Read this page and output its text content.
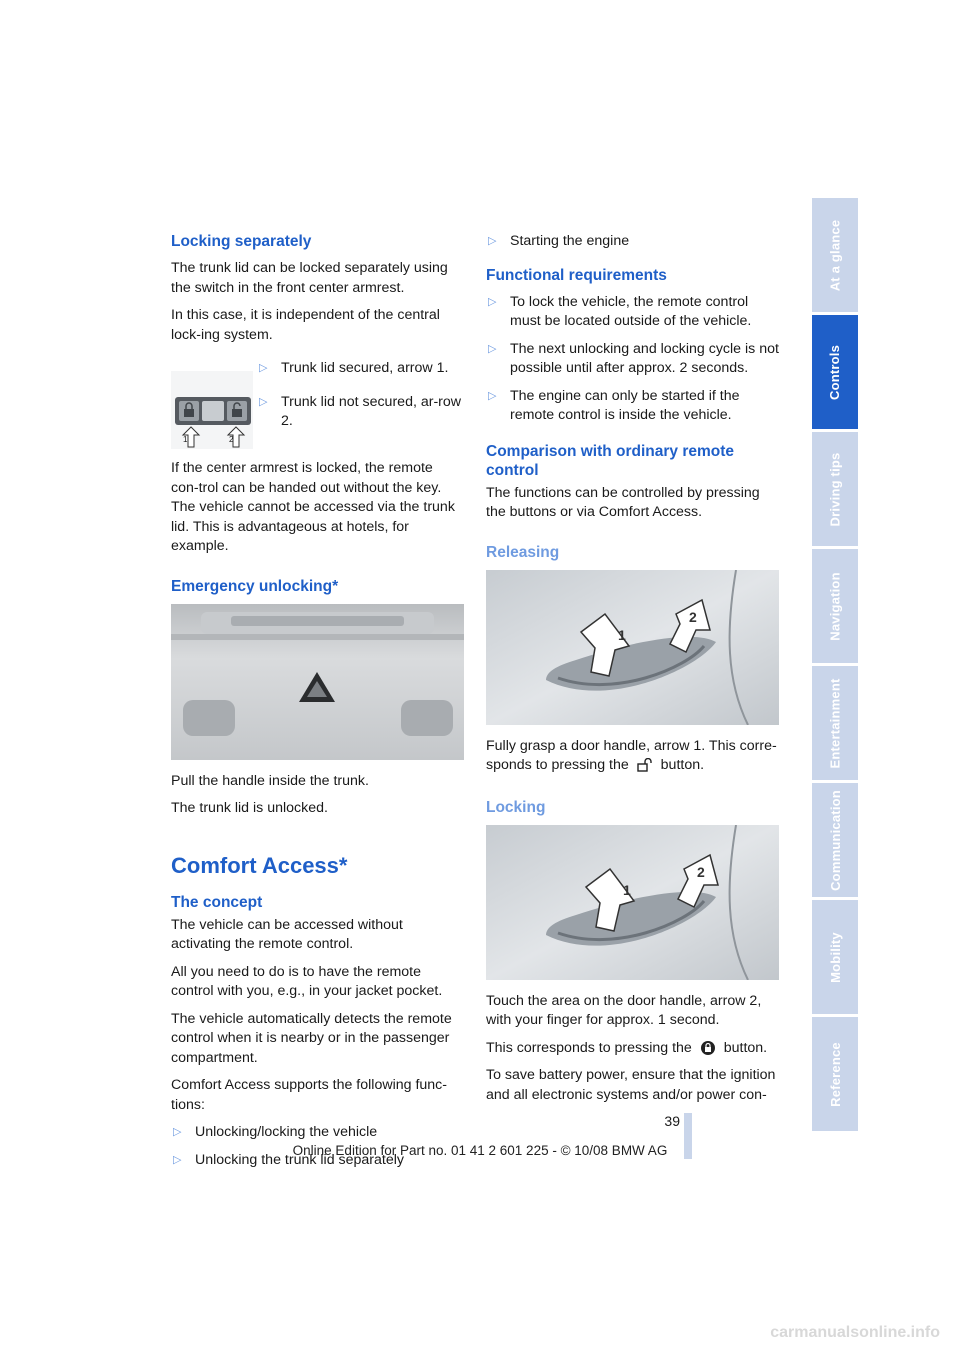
Locking separately

The trunk lid can be locked separately using the switch in the front center armrest.

In this case, it is independent of the central lock-ing system.

1	2
▷ Trunk lid secured, arrow 1.
▷ Trunk lid not secured, ar-row 2.

If the center armrest is locked, the remote con-trol can be handed out without the key. The vehicle cannot be accessed via the trunk lid. This is advantageous at hotels, for example.

Emergency unlocking*

Pull the handle inside the trunk.

The trunk lid is unlocked.

Comfort Access*
The concept

The vehicle can be accessed without activating the remote control.

All you need to do is to have the remote control with you, e.g., in your jacket pocket.

The vehicle automatically detects the remote control when it is nearby or in the passenger compartment.

Comfort Access supports the following func-tions:

▷ Unlocking/locking the vehicle
▷ Unlocking the trunk lid separately
▷ Starting the engine
Functional requirements
▷ To lock the vehicle, the remote control must be located outside of the vehicle.
▷ The next unlocking and locking cycle is not possible until after approx. 2 seconds.
▷ The engine can only be started if the remote control is inside the vehicle.
Comparison with ordinary remote control

The functions can be controlled by pressing the buttons or via Comfort Access.

Releasing
1
2

Fully grasp a door handle, arrow 1. This corre-sponds to pressing the button.

Locking
1
2

Touch the area on the door handle, arrow 2, with your finger for approx. 1 second.

This corresponds to pressing the button.

To save battery power, ensure that the ignition and all electronic systems and/or power con-

At a glance
Controls
Driving tips
Navigation
Entertainment
Communication
Mobility
Reference
39
Online Edition for Part no. 01 41 2 601 225 - © 10/08 BMW AG
carmanualsonline.info
